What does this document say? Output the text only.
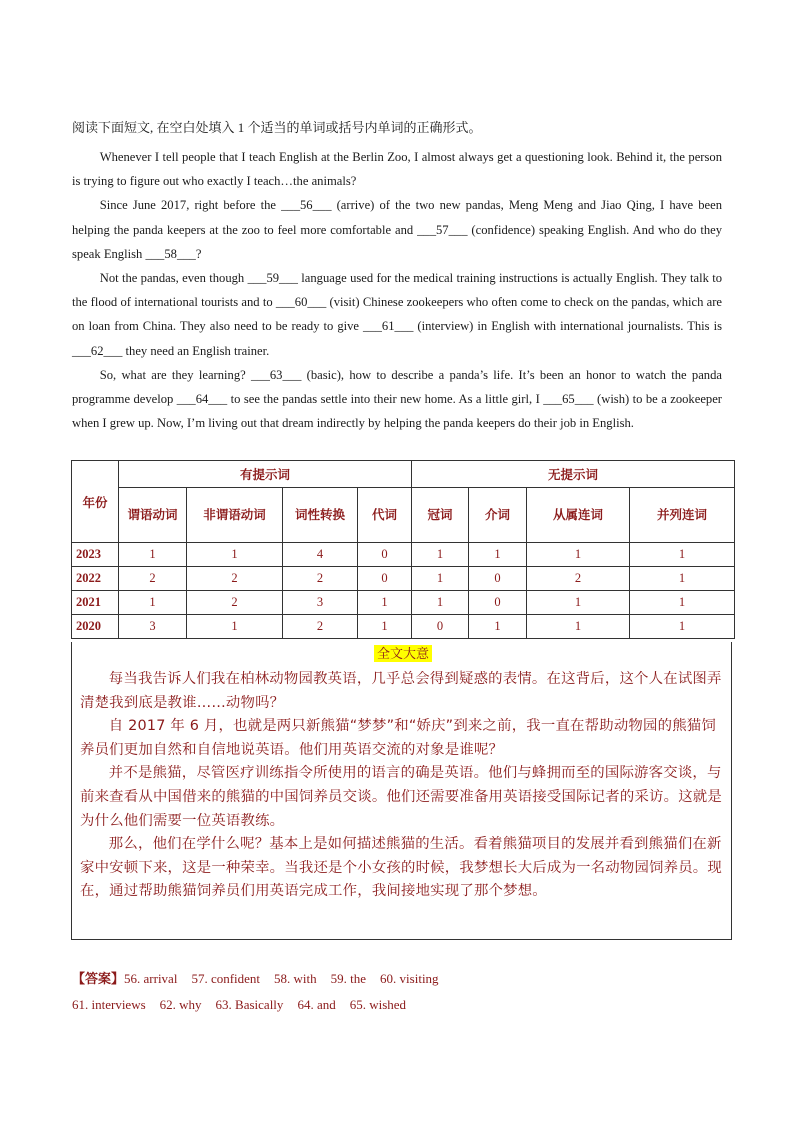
阅读下面短文, 在空白处填入 1 个适当的单词或括号内单词的正确形式。

Whenever I tell people that I teach English at the Berlin Zoo, I almost always get a questioning look. Behind it, the person is trying to figure out who exactly I teach…the animals?

Since June 2017, right before the ___56___ (arrive) of the two new pandas, Meng Meng and Jiao Qing, I have been helping the panda keepers at the zoo to feel more comfortable and ___57___ (confidence) speaking English. And who do they speak English ___58___?

Not the pandas, even though ___59___ language used for the medical training instructions is actually English. They talk to the flood of international tourists and to ___60___ (visit) Chinese zookeepers who often come to check on the pandas, which are on loan from China. They also need to be ready to give ___61___ (interview) in English with international journalists. This is ___62___ they need an English trainer.

So, what are they learning? ___63___ (basic), how to describe a panda’s life. It’s been an honor to watch the panda programme develop ___64___ to see the pandas settle into their new home. As a little girl, I ___65___ (wish) to be a zookeeper when I grew up. Now, I’m living out that dream indirectly by helping the panda keepers do their job in English.

年份	有提示词				无提示词			
	谓语动词	非谓语动词	词性转换	代词	冠词	介词	从属连词	并列连词
2023	1	1	4	0	1	1	1	1
2022	2	2	2	0	1	0	2	1
2021	1	2	3	1	1	0	1	1
2020	3	1	2	1	0	1	1	1
全文大意

每当我告诉人们我在柏林动物园教英语，几乎总会得到疑惑的表情。在这背后，这个人在试图弄清楚我到底是教谁……动物吗？

自 2017 年 6 月，也就是两只新熊猫“梦梦”和“娇庆”到来之前，我一直在帮助动物园的熊猫饲养员们更加自然和自信地说英语。他们用英语交流的对象是谁呢？

并不是熊猫，尽管医疗训练指令所使用的语言的确是英语。他们与蜂拥而至的国际游客交谈，与前来查看从中国借来的熊猫的中国饲养员交谈。他们还需要准备用英语接受国际记者的采访。这就是为什么他们需要一位英语教练。

那么，他们在学什么呢？基本上是如何描述熊猫的生活。看着熊猫项目的发展并看到熊猫们在新家中安顿下来，这是一种荣幸。当我还是个小女孩的时候，我梦想长大后成为一名动物园饲养员。现在，通过帮助熊猫饲养员们用英语完成工作，我间接地实现了那个梦想。

【答案】56. arrival 57. confident 58. with 59. the 60. visiting
61. interviews 62. why 63. Basically 64. and 65. wished
